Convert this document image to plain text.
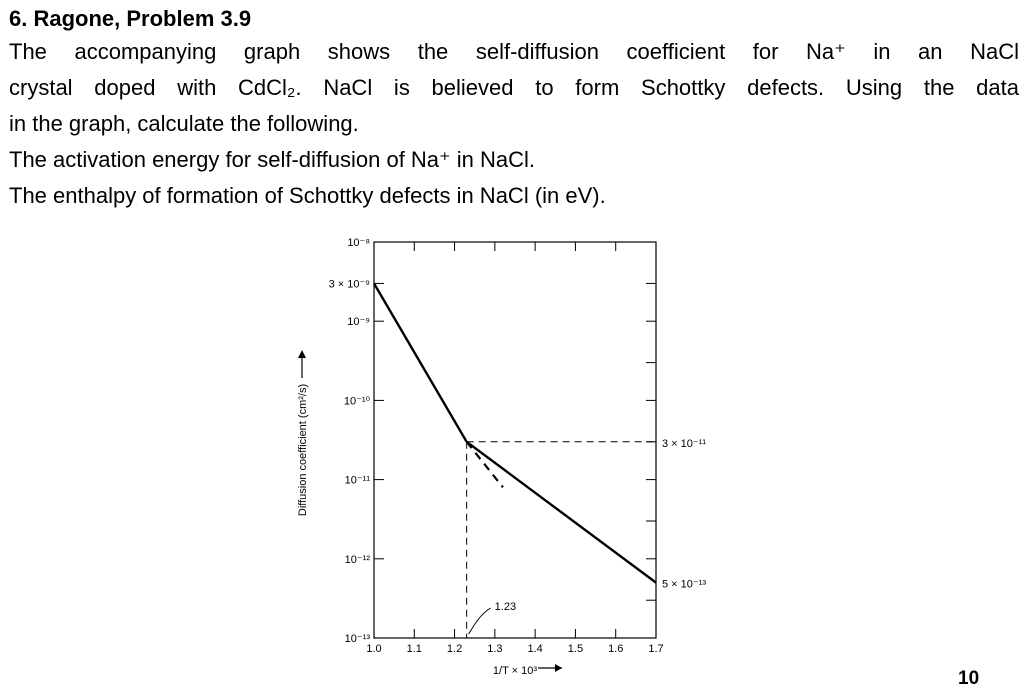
6. Ragone, Problem 3.9

The accompanying graph shows the self-diffusion coefficient for Na⁺ in an NaCl

crystal doped with CdCl₂. NaCl is believed to form Schottky defects. Using the data

in the graph, calculate the following.

The activation energy for self-diffusion of Na⁺ in NaCl.

The enthalpy of formation of Schottky defects in NaCl (in eV).

1.0 1.1 1.2 1.3 1.4 1.5 1.6 1.7
10⁻⁸
10⁻⁹
10⁻¹⁰
10⁻¹¹
10⁻¹²
10⁻¹³
1/T × 10³
Diffusion coefficient (cm²/s)
3 × 10⁻⁹
3 × 10⁻¹¹
5 × 10⁻¹³
1.23
10
